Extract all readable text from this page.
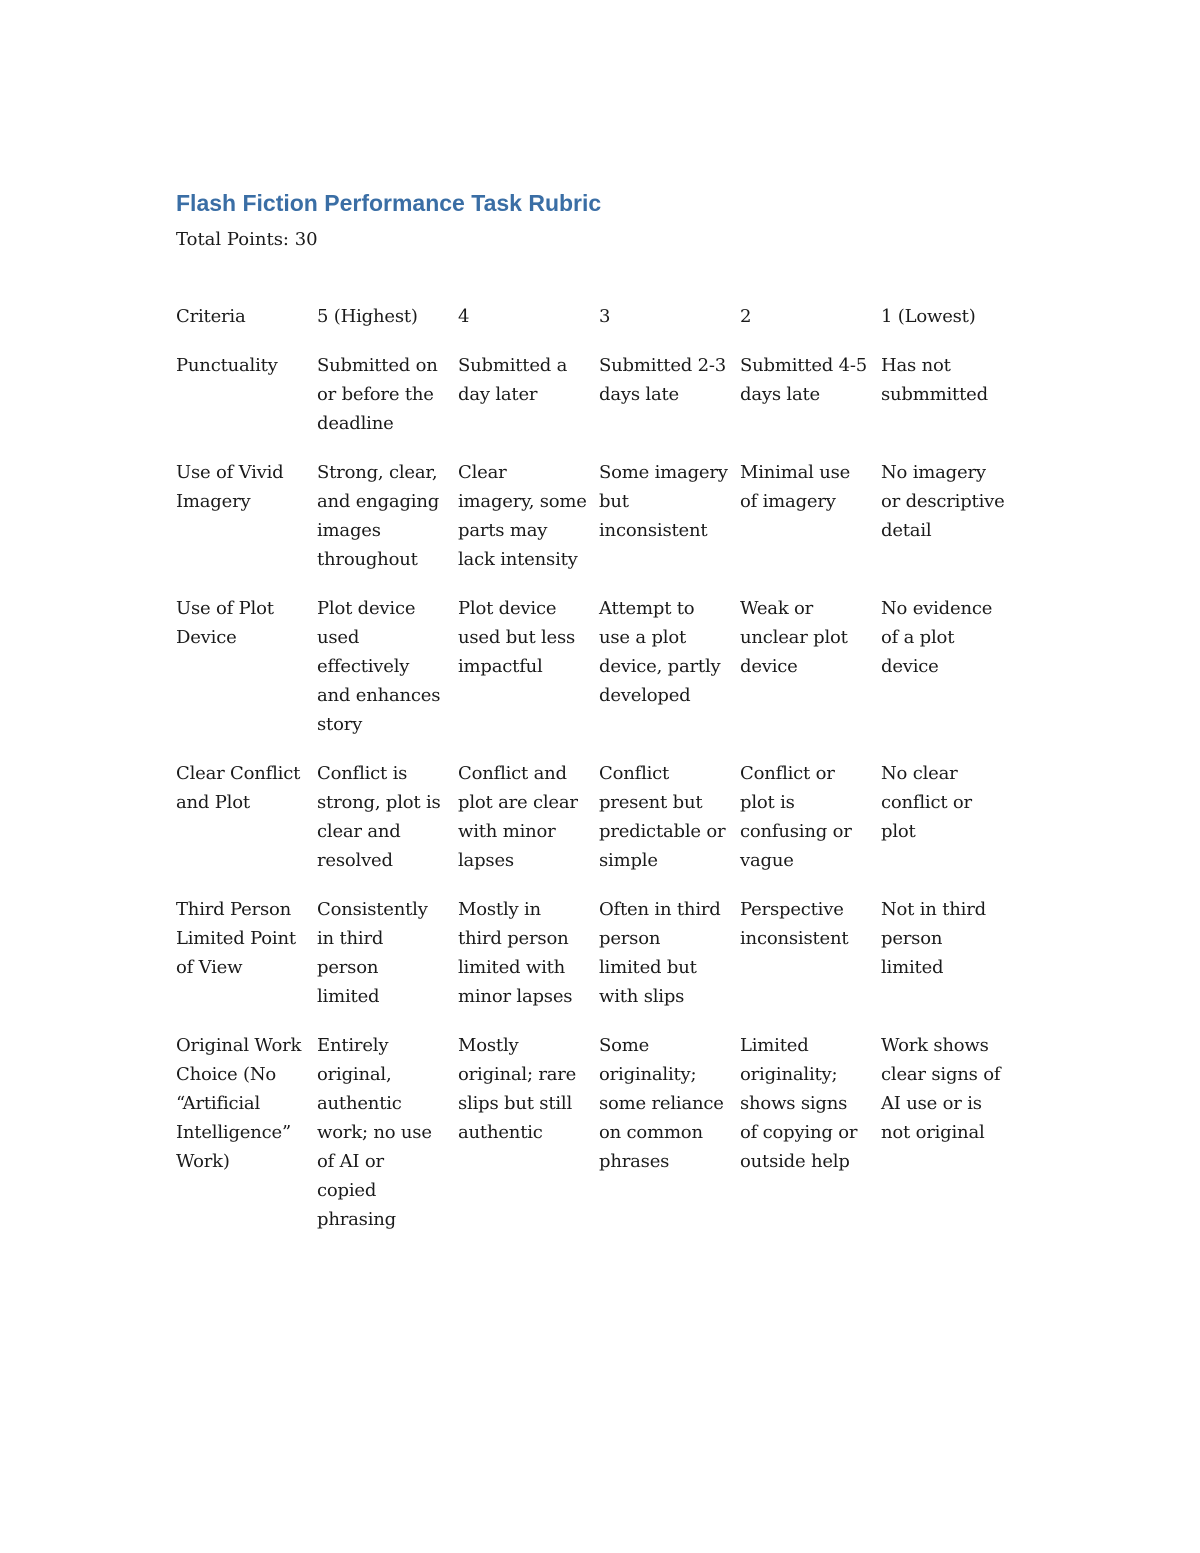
Flash Fiction Performance Task Rubric
Total Points: 30
Criteria	5 (Highest)	4	3	2	1 (Lowest)
Punctuality	Submitted on or before the deadline	Submitted a day later	Submitted 2-3 days late	Submitted 4-5 days late	Has not submmitted
Use of Vivid Imagery	Strong, clear, and engaging images throughout	Clear imagery, some parts may lack intensity	Some imagery but inconsistent	Minimal use of imagery	No imagery or descriptive detail
Use of Plot Device	Plot device used effectively and enhances story	Plot device used but less impactful	Attempt to use a plot device, partly developed	Weak or unclear plot device	No evidence of a plot device
Clear Conflict and Plot	Conflict is strong, plot is clear and resolved	Conflict and plot are clear with minor lapses	Conflict present but predictable or simple	Conflict or plot is confusing or vague	No clear conflict or plot
Third Person Limited Point of View	Consistently in third person limited	Mostly in third person limited with minor lapses	Often in third person limited but with slips	Perspective inconsistent	Not in third person limited
Original Work Choice (No “Artificial Intelligence” Work)	Entirely original, authentic work; no use of AI or copied phrasing	Mostly original; rare slips but still authentic	Some originality; some reliance on common phrases	Limited originality; shows signs of copying or outside help	Work shows clear signs of AI use or is not original
